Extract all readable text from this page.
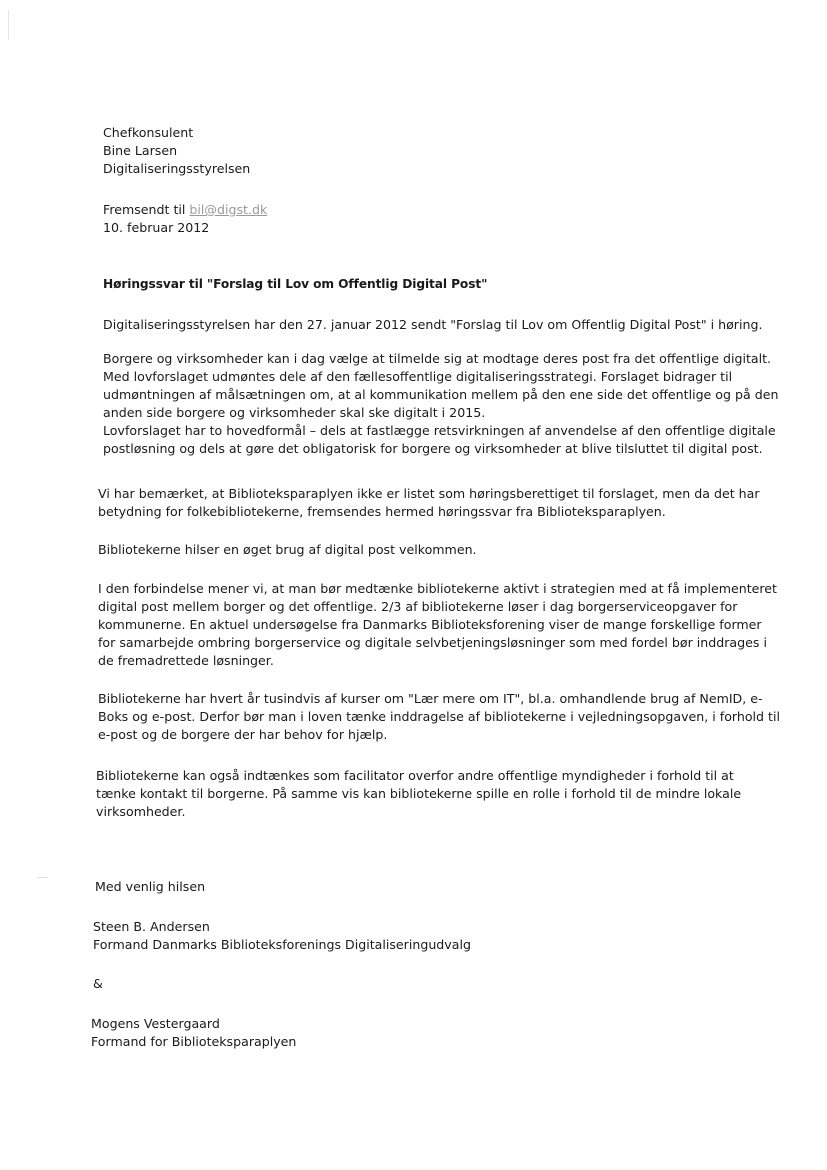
Chefkonsulent
Bine Larsen
Digitaliseringsstyrelsen
Fremsendt til bil@digst.dk
10. februar 2012
Høringssvar til "Forslag til Lov om Offentlig Digital Post"
Digitaliseringsstyrelsen har den 27. januar 2012 sendt "Forslag til Lov om Offentlig Digital Post" i høring.
Borgere og virksomheder kan i dag vælge at tilmelde sig at modtage deres post fra det offentlige digitalt.
Med lovforslaget udmøntes dele af den fællesoffentlige digitaliseringsstrategi. Forslaget bidrager til
udmøntningen af målsætningen om, at al kommunikation mellem på den ene side det offentlige og på den
anden side borgere og virksomheder skal ske digitalt i 2015.
Lovforslaget har to hovedformål – dels at fastlægge retsvirkningen af anvendelse af den offentlige digitale
postløsning og dels at gøre det obligatorisk for borgere og virksomheder at blive tilsluttet til digital post.
Vi har bemærket, at Biblioteksparaplyen ikke er listet som høringsberettiget til forslaget, men da det har
betydning for folkebibliotekerne, fremsendes hermed høringssvar fra Biblioteksparaplyen.
Bibliotekerne hilser en øget brug af digital post velkommen.
I den forbindelse mener vi, at man bør medtænke bibliotekerne aktivt i strategien med at få implementeret
digital post mellem borger og det offentlige. 2/3 af bibliotekerne løser i dag borgerserviceopgaver for
kommunerne. En aktuel undersøgelse fra Danmarks Biblioteksforening viser de mange forskellige former
for samarbejde ombring borgerservice og digitale selvbetjeningsløsninger som med fordel bør inddrages i
de fremadrettede løsninger.
Bibliotekerne har hvert år tusindvis af kurser om "Lær mere om IT", bl.a. omhandlende brug af NemID, e-
Boks og e-post. Derfor bør man i loven tænke inddragelse af bibliotekerne i vejledningsopgaven, i forhold til
e-post og de borgere der har behov for hjælp.
Bibliotekerne kan også indtænkes som facilitator overfor andre offentlige myndigheder i forhold til at
tænke kontakt til borgerne. På samme vis kan bibliotekerne spille en rolle i forhold til de mindre lokale
virksomheder.
Med venlig hilsen
Steen B. Andersen
Formand Danmarks Biblioteksforenings Digitaliseringudvalg
&
Mogens Vestergaard
Formand for Biblioteksparaplyen
